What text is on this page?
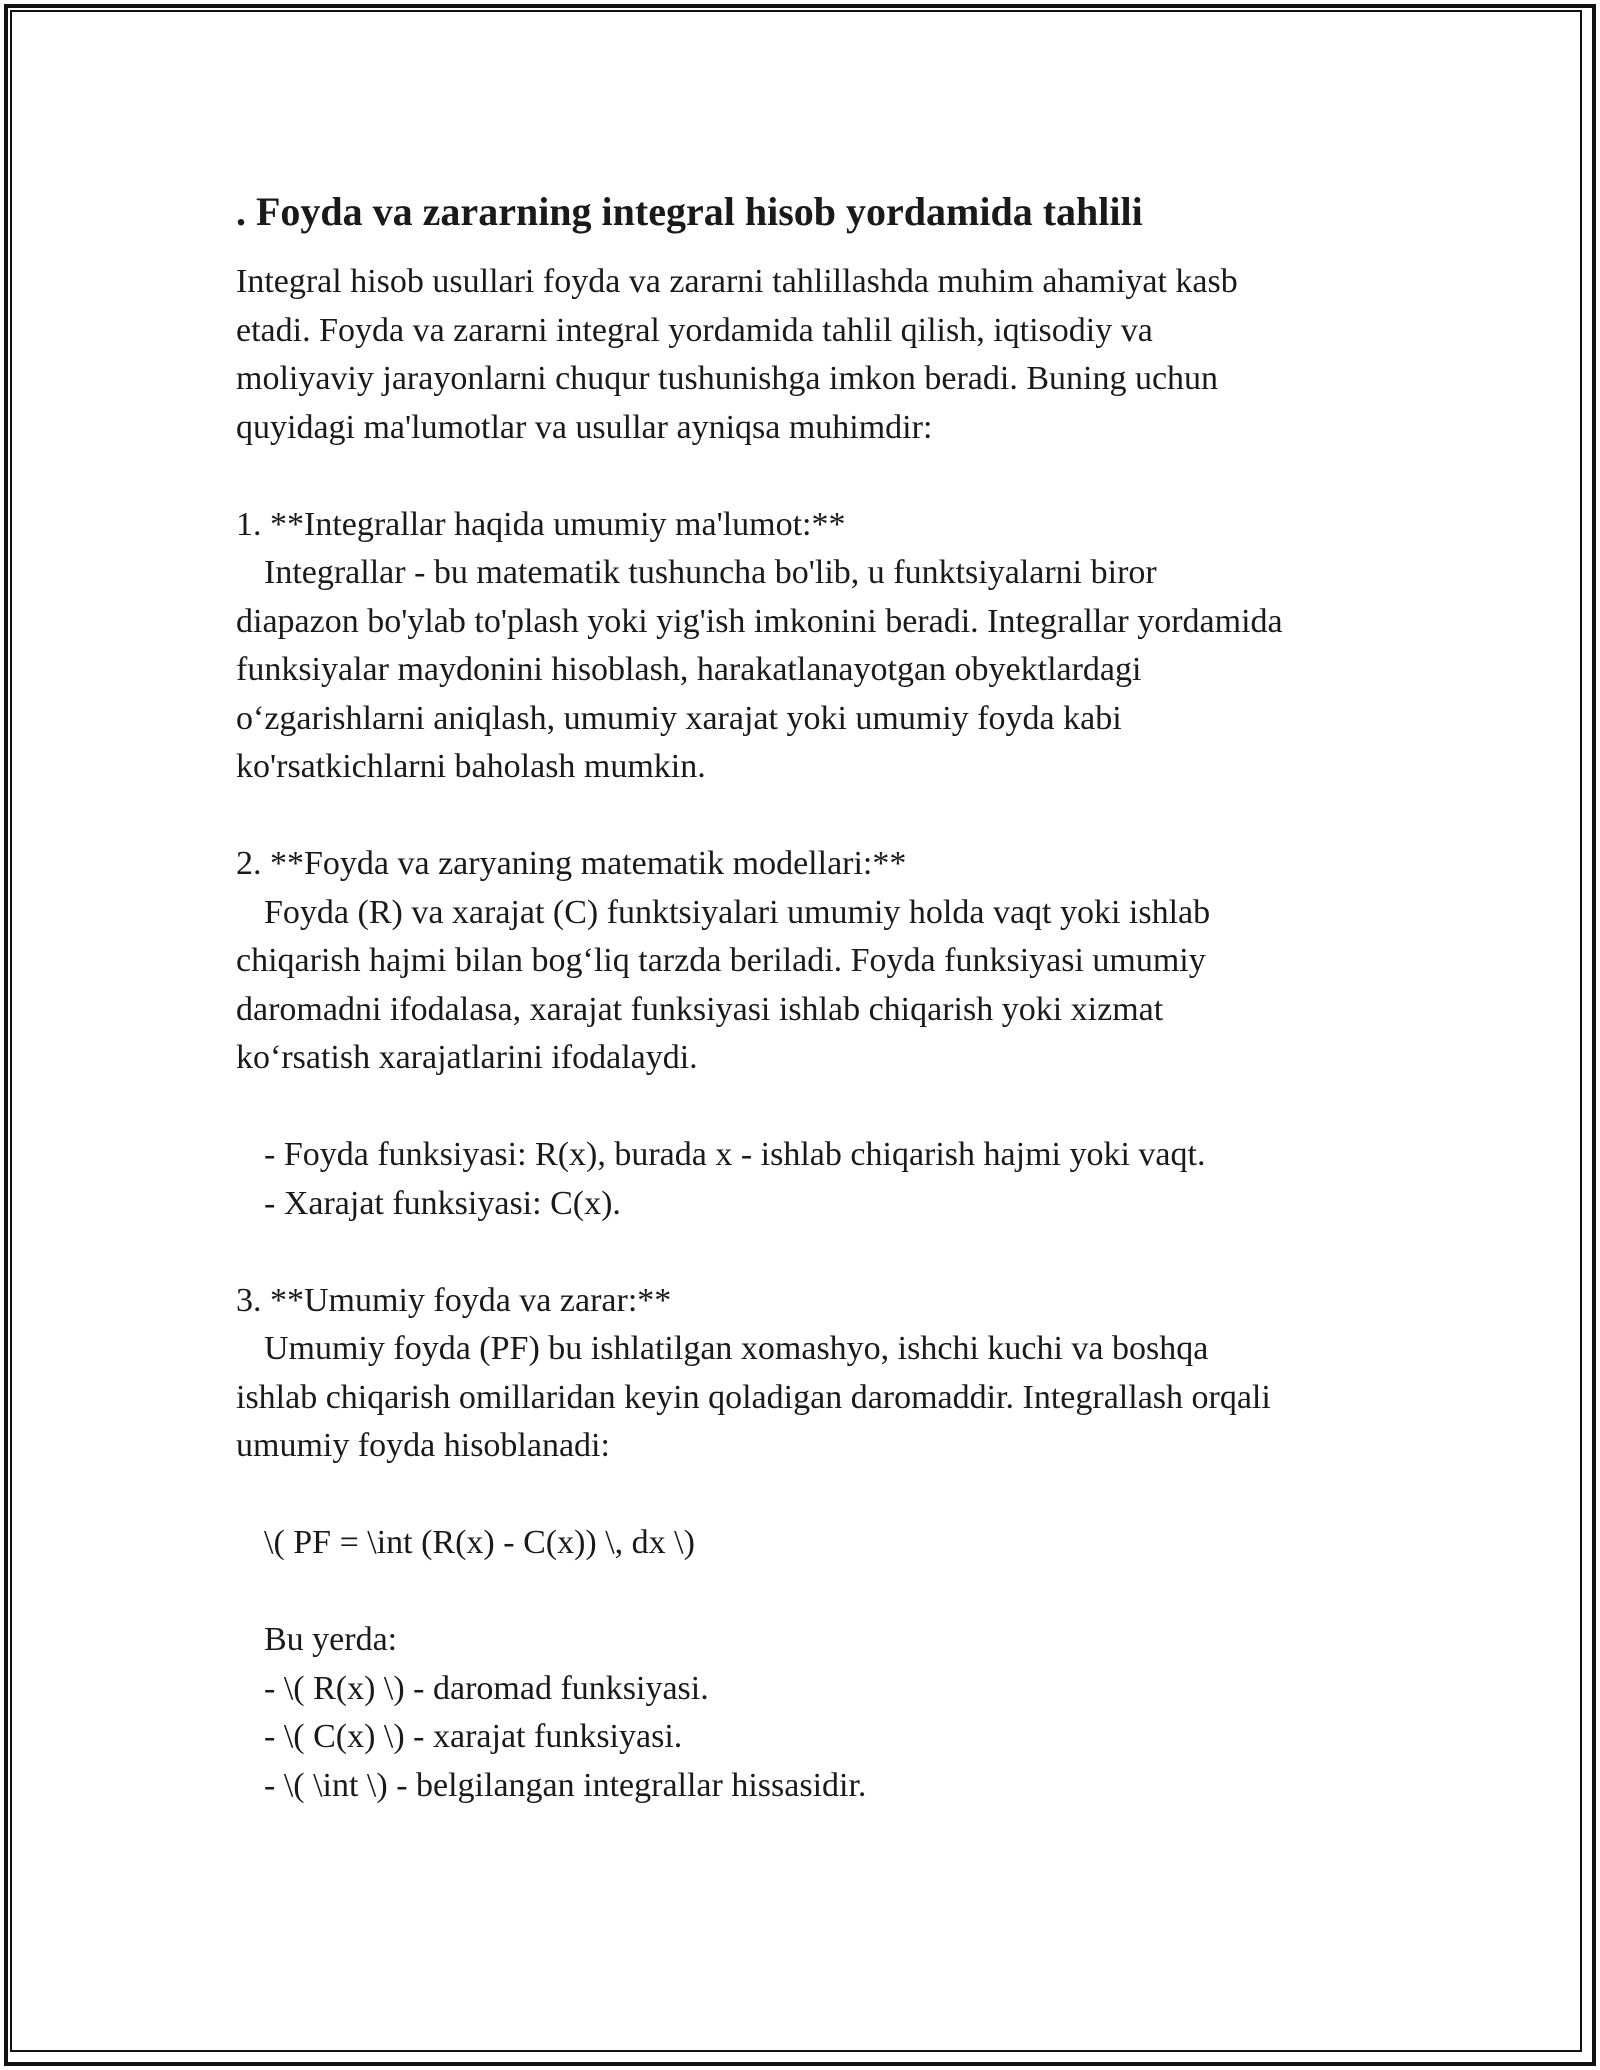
. Foyda va zararning integral hisob yordamida tahlili
Integral hisob usullari foyda va zararni tahlillashda muhim ahamiyat kasb
etadi. Foyda va zararni integral yordamida tahlil qilish, iqtisodiy va
moliyaviy jarayonlarni chuqur tushunishga imkon beradi. Buning uchun
quyidagi ma'lumotlar va usullar ayniqsa muhimdir:
1. **Integrallar haqida umumiy ma'lumot:**
Integrallar - bu matematik tushuncha bo'lib, u funktsiyalarni biror
diapazon bo'ylab to'plash yoki yig'ish imkonini beradi. Integrallar yordamida
funksiyalar maydonini hisoblash, harakatlanayotgan obyektlardagi
o‘zgarishlarni aniqlash, umumiy xarajat yoki umumiy foyda kabi
ko'rsatkichlarni baholash mumkin.
2. **Foyda va zaryaning matematik modellari:**
Foyda (R) va xarajat (C) funktsiyalari umumiy holda vaqt yoki ishlab
chiqarish hajmi bilan bog‘liq tarzda beriladi. Foyda funksiyasi umumiy
daromadni ifodalasa, xarajat funksiyasi ishlab chiqarish yoki xizmat
ko‘rsatish xarajatlarini ifodalaydi.
- Foyda funksiyasi: R(x), burada x - ishlab chiqarish hajmi yoki vaqt.
- Xarajat funksiyasi: C(x).
3. **Umumiy foyda va zarar:**
Umumiy foyda (PF) bu ishlatilgan xomashyo, ishchi kuchi va boshqa
ishlab chiqarish omillaridan keyin qoladigan daromaddir. Integrallash orqali
umumiy foyda hisoblanadi:
\( PF = \int (R(x) - C(x)) \, dx \)
Bu yerda:
- \( R(x) \) - daromad funksiyasi.
- \( C(x) \) - xarajat funksiyasi.
- \( \int \) - belgilangan integrallar hissasidir.
